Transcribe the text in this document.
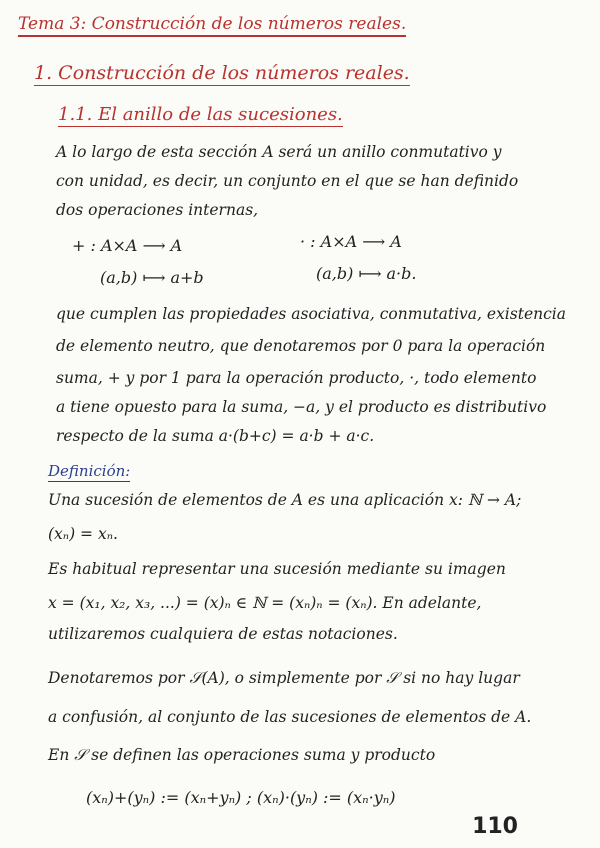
Tema 3: Construcción de los números reales.
1. Construcción de los números reales.
1.1. El anillo de las sucesiones.
A lo largo de esta sección A será un anillo conmutativo y
con unidad, es decir, un conjunto en el que se han definido
dos operaciones internas,
+ : A×A ⟶ A	· : A×A ⟶ A
(a,b) ⟼ a+b	(a,b) ⟼ a·b.
que cumplen las propiedades asociativa, conmutativa, existencia
de elemento neutro, que denotaremos por 0 para la operación
suma, + y por 1 para la operación producto, ·, todo elemento
a tiene opuesto para la suma, −a, y el producto es distributivo
respecto de la suma a·(b+c) = a·b + a·c.
Definición:
Una sucesión de elementos de A es una aplicación x: ℕ → A;
(xₙ) = xₙ.
Es habitual representar una sucesión mediante su imagen
x = (x₁, x₂, x₃, ...) = (x)ₙ ∈ ℕ = (xₙ)ₙ = (xₙ). En adelante,
utilizaremos cualquiera de estas notaciones.
Denotaremos por 𝒮(A), o simplemente por 𝒮 si no hay lugar
a confusión, al conjunto de las sucesiones de elementos de A.
En 𝒮 se definen las operaciones suma y producto
(xₙ)+(yₙ) := (xₙ+yₙ) ; (xₙ)·(yₙ) := (xₙ·yₙ)
110
